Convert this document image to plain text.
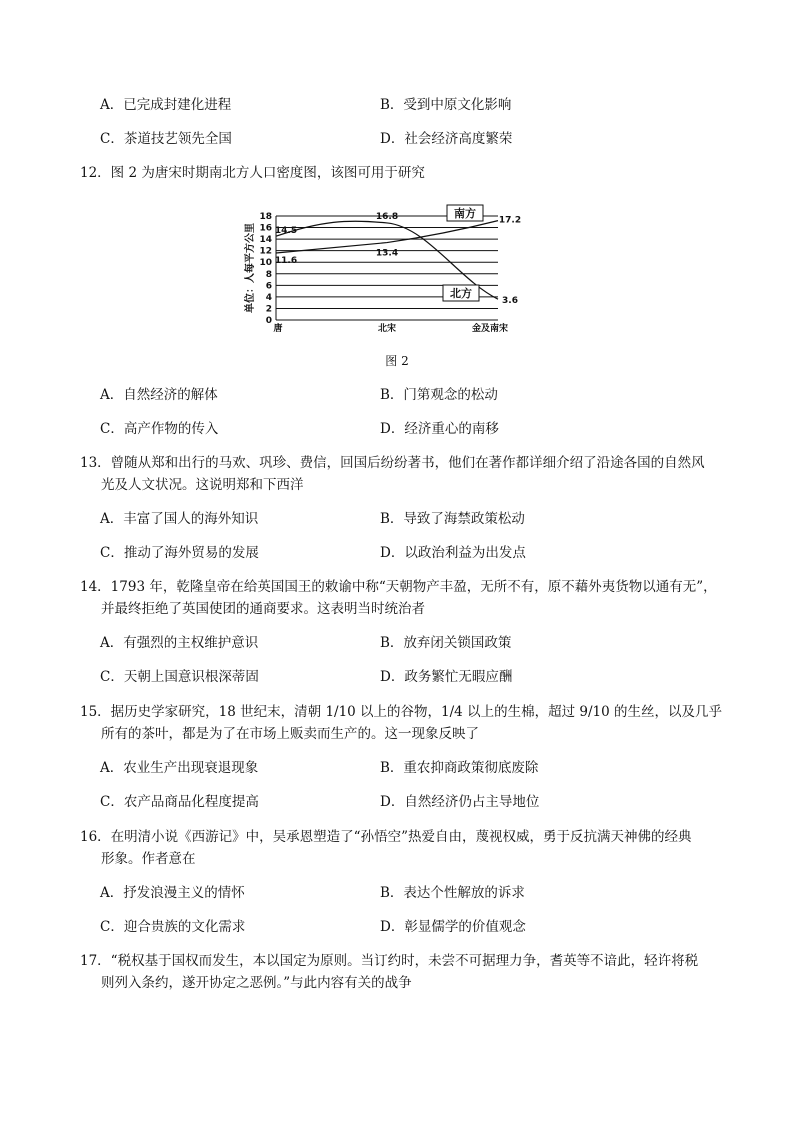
A．已完成封建化进程	B．受到中原文化影响
C．茶道技艺领先全国	D．社会经济高度繁荣
12．图 2 为唐宋时期南北方人口密度图，该图可用于研究
0
2
4
6
8
10
12
14
16
18
唐	北宋	金及南宋
14.5
16.8
3.6
11.6
13.4
17.2
北方
南方
单位：人每平方公里
图 2
A．自然经济的解体	B．门第观念的松动
C．高产作物的传入	D．经济重心的南移
13．曾随从郑和出行的马欢、巩珍、费信，回国后纷纷著书，他们在著作都详细介绍了沿途各国的自然风
光及人文状况。这说明郑和下西洋
A．丰富了国人的海外知识	B．导致了海禁政策松动
C．推动了海外贸易的发展	D．以政治利益为出发点
14．1793 年，乾隆皇帝在给英国国王的敕谕中称“天朝物产丰盈，无所不有，原不藉外夷货物以通有无”，
并最终拒绝了英国使团的通商要求。这表明当时统治者
A．有强烈的主权维护意识	B．放弃闭关锁国政策
C．天朝上国意识根深蒂固	D．政务繁忙无暇应酬
15．据历史学家研究，18 世纪末，清朝 1/10 以上的谷物，1/4 以上的生棉，超过 9/10 的生丝，以及几乎
所有的茶叶，都是为了在市场上贩卖而生产的。这一现象反映了
A．农业生产出现衰退现象	B．重农抑商政策彻底废除
C．农产品商品化程度提高	D．自然经济仍占主导地位
16．在明清小说《西游记》中，吴承恩塑造了“孙悟空”热爱自由，蔑视权威，勇于反抗满天神佛的经典
形象。作者意在
A．抒发浪漫主义的情怀	B．表达个性解放的诉求
C．迎合贵族的文化需求	D．彰显儒学的价值观念
17．“税权基于国权而发生，本以国定为原则。当订约时，未尝不可据理力争，耆英等不谙此，轻许将税
则列入条约，遂开协定之恶例。”与此内容有关的战争
